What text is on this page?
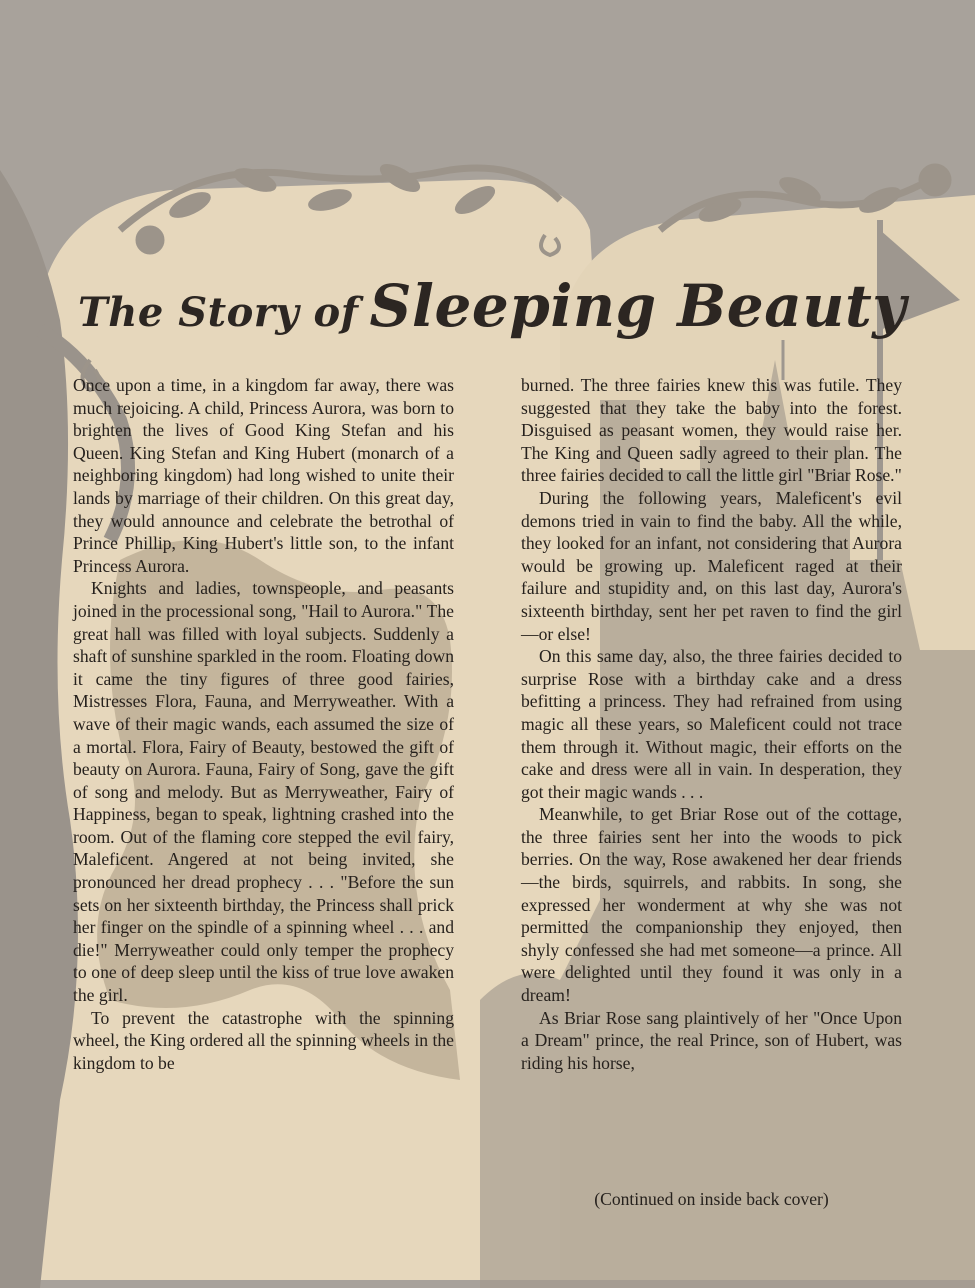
The Story of Sleeping Beauty

Once upon a time, in a kingdom far away, there was much rejoicing. A child, Princess Aurora, was born to brighten the lives of Good King Stefan and his Queen. King Stefan and King Hubert (monarch of a neighboring kingdom) had long wished to unite their lands by marriage of their children. On this great day, they would announce and celebrate the betrothal of Prince Phillip, King Hubert's little son, to the infant Princess Aurora.

Knights and ladies, townspeople, and peasants joined in the processional song, "Hail to Aurora." The great hall was filled with loyal subjects. Suddenly a shaft of sunshine sparkled in the room. Floating down it came the tiny figures of three good fairies, Mistresses Flora, Fauna, and Merryweather. With a wave of their magic wands, each assumed the size of a mortal. Flora, Fairy of Beauty, bestowed the gift of beauty on Aurora. Fauna, Fairy of Song, gave the gift of song and melody. But as Merryweather, Fairy of Happiness, began to speak, lightning crashed into the room. Out of the flaming core stepped the evil fairy, Maleficent. Angered at not being invited, she pronounced her dread prophecy . . . "Before the sun sets on her sixteenth birthday, the Princess shall prick her finger on the spindle of a spinning wheel . . . and die!" Merryweather could only temper the prophecy to one of deep sleep until the kiss of true love awaken the girl.

To prevent the catastrophe with the spinning wheel, the King ordered all the spinning wheels in the kingdom to be

burned. The three fairies knew this was futile. They suggested that they take the baby into the forest. Disguised as peasant women, they would raise her. The King and Queen sadly agreed to their plan. The three fairies decided to call the little girl "Briar Rose."

During the following years, Maleficent's evil demons tried in vain to find the baby. All the while, they looked for an infant, not considering that Aurora would be growing up. Maleficent raged at their failure and stupidity and, on this last day, Aurora's sixteenth birthday, sent her pet raven to find the girl—or else!

On this same day, also, the three fairies decided to surprise Rose with a birthday cake and a dress befitting a princess. They had refrained from using magic all these years, so Maleficent could not trace them through it. Without magic, their efforts on the cake and dress were all in vain. In desperation, they got their magic wands . . .

Meanwhile, to get Briar Rose out of the cottage, the three fairies sent her into the woods to pick berries. On the way, Rose awakened her dear friends—the birds, squirrels, and rabbits. In song, she expressed her wonderment at why she was not permitted the companionship they enjoyed, then shyly confessed she had met someone—a prince. All were delighted until they found it was only in a dream!

As Briar Rose sang plaintively of her "Once Upon a Dream" prince, the real Prince, son of Hubert, was riding his horse,

(Continued on inside back cover)
